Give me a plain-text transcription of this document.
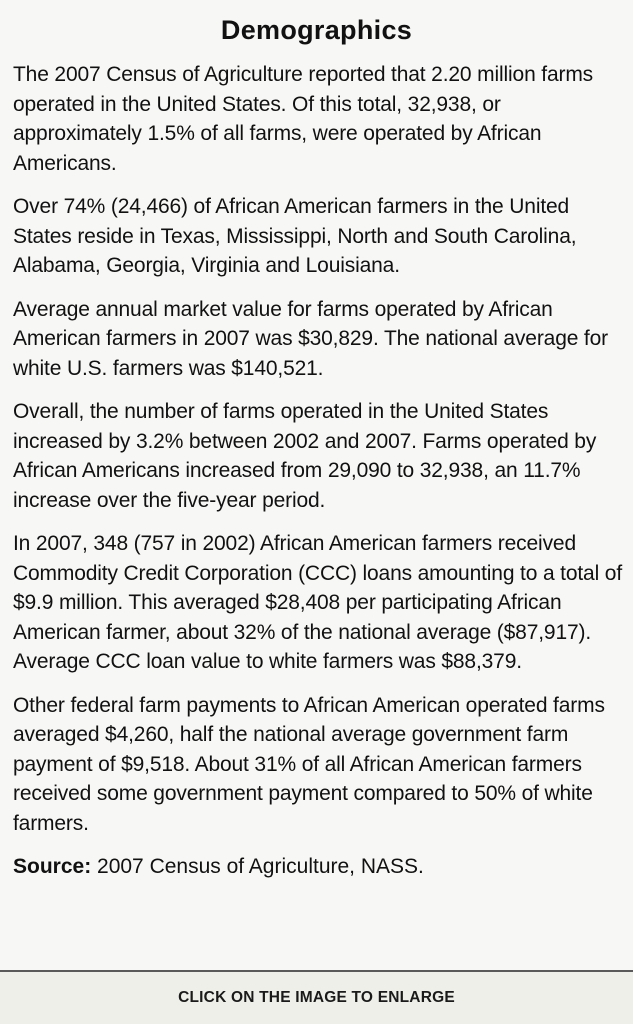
Demographics

The 2007 Census of Agriculture reported that 2.20 million farms operated in the United States. Of this total, 32,938, or approximately 1.5% of all farms, were operated by African Americans.

Over 74% (24,466) of African American farmers in the United States reside in Texas, Mississippi, North and South Carolina, Alabama, Georgia, Virginia and Louisiana.

Average annual market value for farms operated by African American farmers in 2007 was $30,829. The national average for white U.S. farmers was $140,521.

Overall, the number of farms operated in the United States increased by 3.2% between 2002 and 2007. Farms operated by African Americans increased from 29,090 to 32,938, an 11.7% increase over the five-year period.

In 2007, 348 (757 in 2002) African American farmers received Commodity Credit Corporation (CCC) loans amounting to a total of $9.9 million. This averaged $28,408 per participating African American farmer, about 32% of the national average ($87,917). Average CCC loan value to white farmers was $88,379.

Other federal farm payments to African American operated farms averaged $4,260, half the national average government farm payment of $9,518. About 31% of all African American farmers received some government payment compared to 50% of white farmers.

Source: 2007 Census of Agriculture, NASS.

CLICK ON THE IMAGE TO ENLARGE
